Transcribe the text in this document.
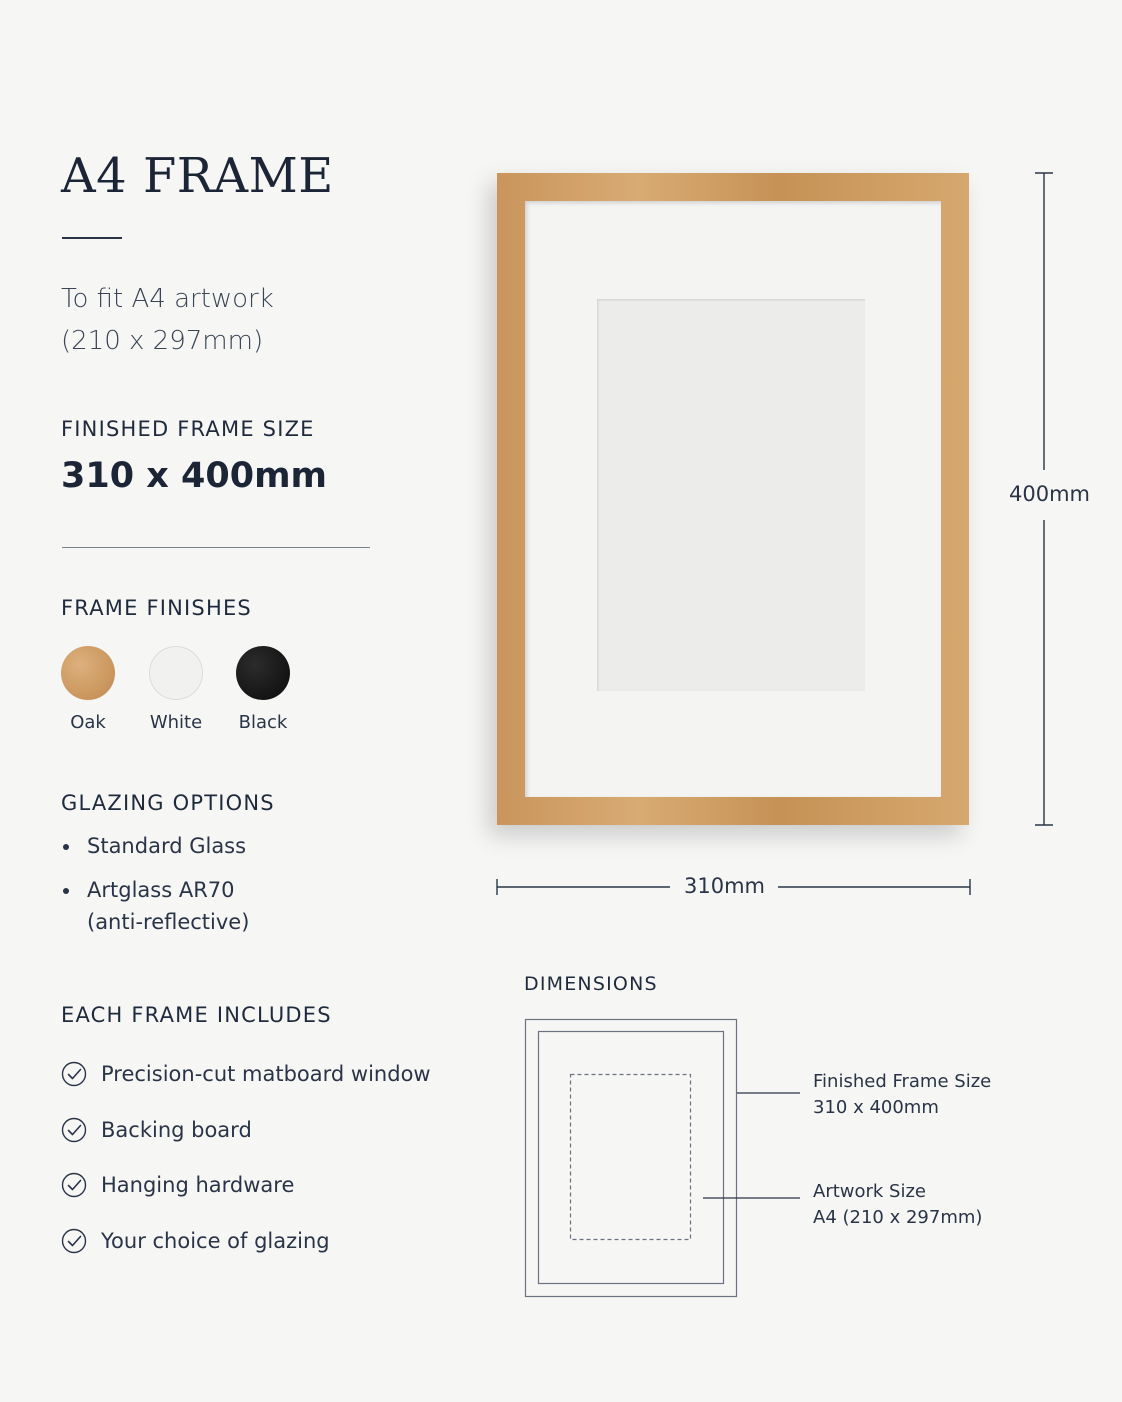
A4 FRAME
To fit A4 artwork
(210 x 297mm)
FINISHED FRAME SIZE
310 x 400mm
FRAME FINISHES
Oak	White	Black
GLAZING OPTIONS
Standard Glass
Artglass AR70
(anti-reflective)
EACH FRAME INCLUDES
Precision-cut matboard window
Backing board
Hanging hardware
Your choice of glazing
400mm
310mm
DIMENSIONS
Finished Frame Size
310 x 400mm
Artwork Size
A4 (210 x 297mm)
